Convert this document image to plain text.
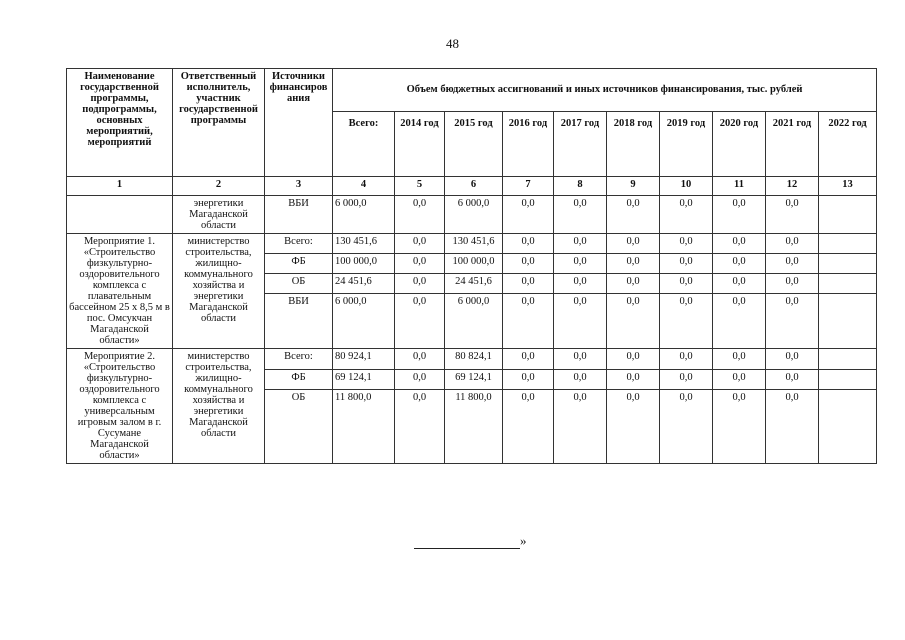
48
Наименование государственной программы, подпрограммы, основных мероприятий, мероприятий	Ответственный исполнитель, участник государственной программы	Источники финансиров ания	Объем бюджетных ассигнований и иных источников финансирования, тыс. рублей									
			Всего:	2014 год	2015 год	2016 год	2017 год	2018 год	2019 год	2020 год	2021 год	2022 год
1	2	3	4	5	6	7	8	9	10	11	12	13
	энергетики Магаданской области	ВБИ	6 000,0	0,0	6 000,0	0,0	0,0	0,0	0,0	0,0	0,0	
Мероприятие 1. «Строительство физкультурно-оздоровительного комплекса с плавательным бассейном 25 х 8,5 м в пос. Омсукчан Магаданской области»	министерство строительства, жилищно-коммунального хозяйства и энергетики Магаданской области	Всего:	130 451,6	0,0	130 451,6	0,0	0,0	0,0	0,0	0,0	0,0	
		ФБ	100 000,0	0,0	100 000,0	0,0	0,0	0,0	0,0	0,0	0,0	
		ОБ	24 451,6	0,0	24 451,6	0,0	0,0	0,0	0,0	0,0	0,0	
		ВБИ	6 000,0	0,0	6 000,0	0,0	0,0	0,0	0,0	0,0	0,0	
Мероприятие 2. «Строительство физкультурно-оздоровительного комплекса с универсальным игровым залом в г. Сусумане Магаданской области»	министерство строительства, жилищно-коммунального хозяйства и энергетики Магаданской области	Всего:	80 924,1	0,0	80 824,1	0,0	0,0	0,0	0,0	0,0	0,0	
		ФБ	69 124,1	0,0	69 124,1	0,0	0,0	0,0	0,0	0,0	0,0	
		ОБ	11 800,0	0,0	11 800,0	0,0	0,0	0,0	0,0	0,0	0,0	
»
